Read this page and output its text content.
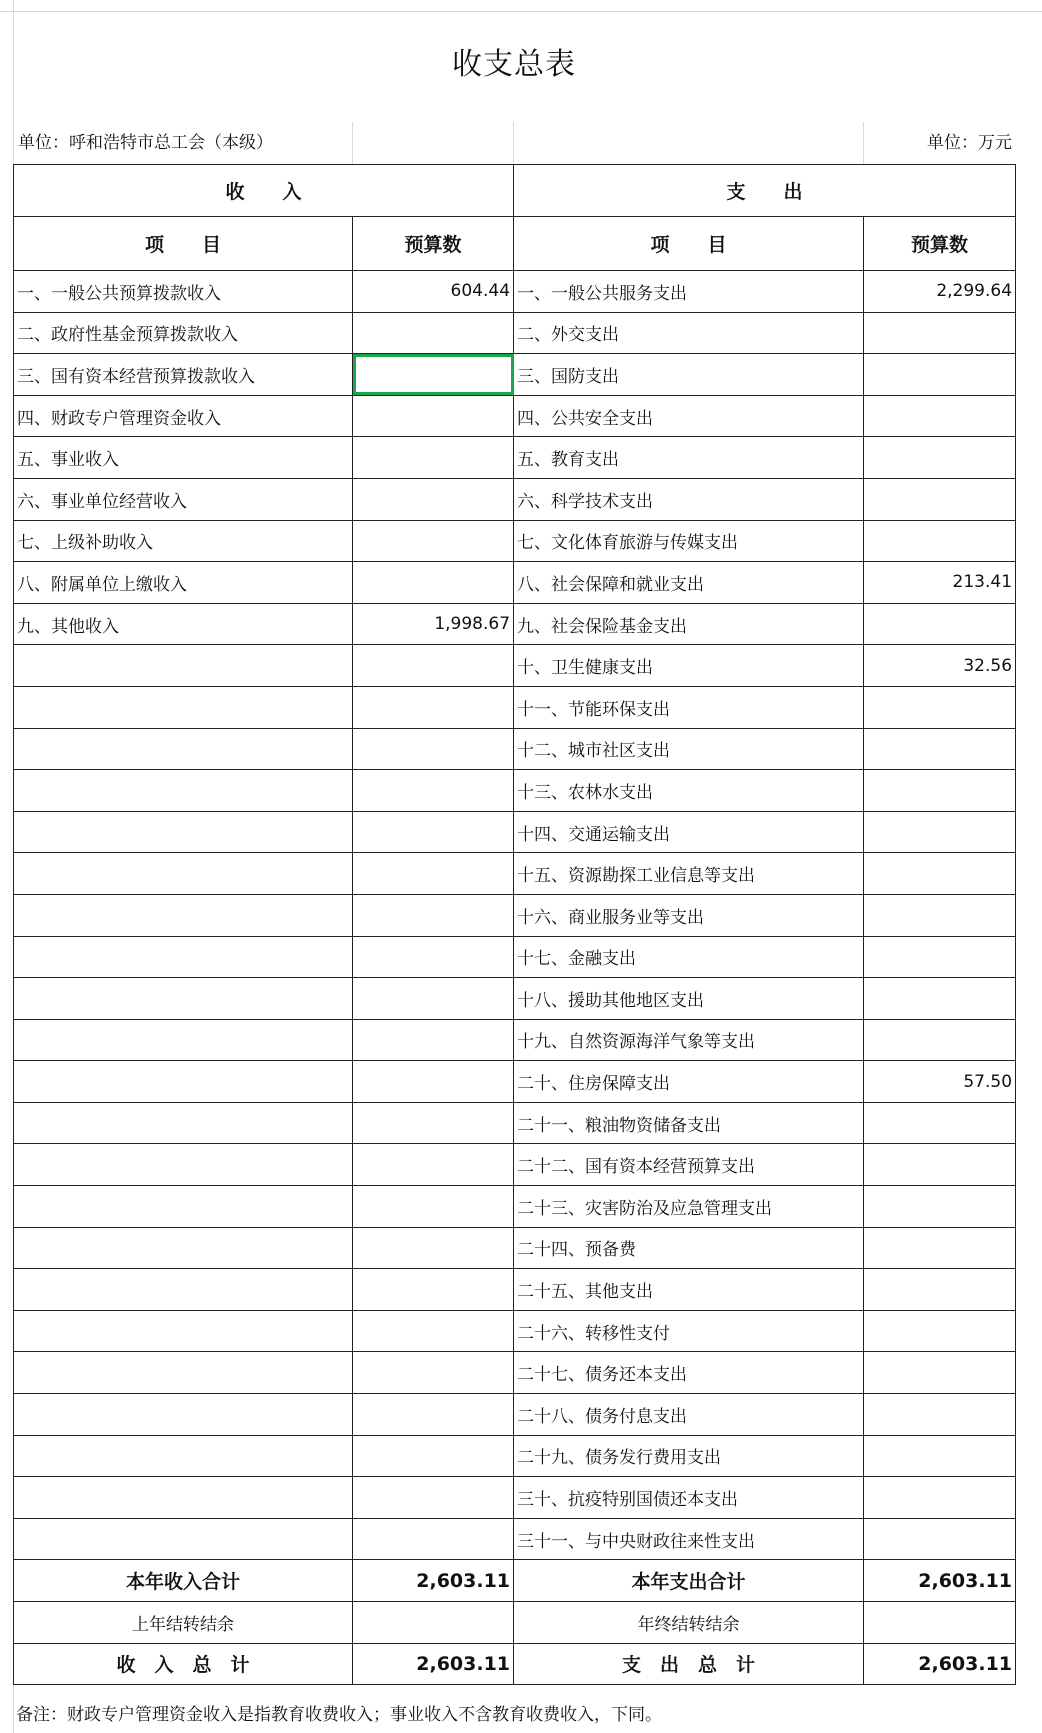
收支总表
单位：呼和浩特市总工会（本级）	单位：万元
收　　入		支　　出	
项　　目	预算数	项　　目	预算数
一、一般公共预算拨款收入	604.44	一、一般公共服务支出	2,299.64
二、政府性基金预算拨款收入		二、外交支出	
三、国有资本经营预算拨款收入		三、国防支出	
四、财政专户管理资金收入		四、公共安全支出	
五、事业收入		五、教育支出	
六、事业单位经营收入		六、科学技术支出	
七、上级补助收入		七、文化体育旅游与传媒支出	
八、附属单位上缴收入		八、社会保障和就业支出	213.41
九、其他收入	1,998.67	九、社会保险基金支出	
		十、卫生健康支出	32.56
		十一、节能环保支出	
		十二、城市社区支出	
		十三、农林水支出	
		十四、交通运输支出	
		十五、资源勘探工业信息等支出	
		十六、商业服务业等支出	
		十七、金融支出	
		十八、援助其他地区支出	
		十九、自然资源海洋气象等支出	
		二十、住房保障支出	57.50
		二十一、粮油物资储备支出	
		二十二、国有资本经营预算支出	
		二十三、灾害防治及应急管理支出	
		二十四、预备费	
		二十五、其他支出	
		二十六、转移性支付	
		二十七、债务还本支出	
		二十八、债务付息支出	
		二十九、债务发行费用支出	
		三十、抗疫特别国债还本支出	
		三十一、与中央财政往来性支出	
本年收入合计	2,603.11	本年支出合计	2,603.11
上年结转结余		年终结转结余	
收　入　总　计	2,603.11	支　出　总　计	2,603.11
备注：财政专户管理资金收入是指教育收费收入；事业收入不含教育收费收入，下同。
